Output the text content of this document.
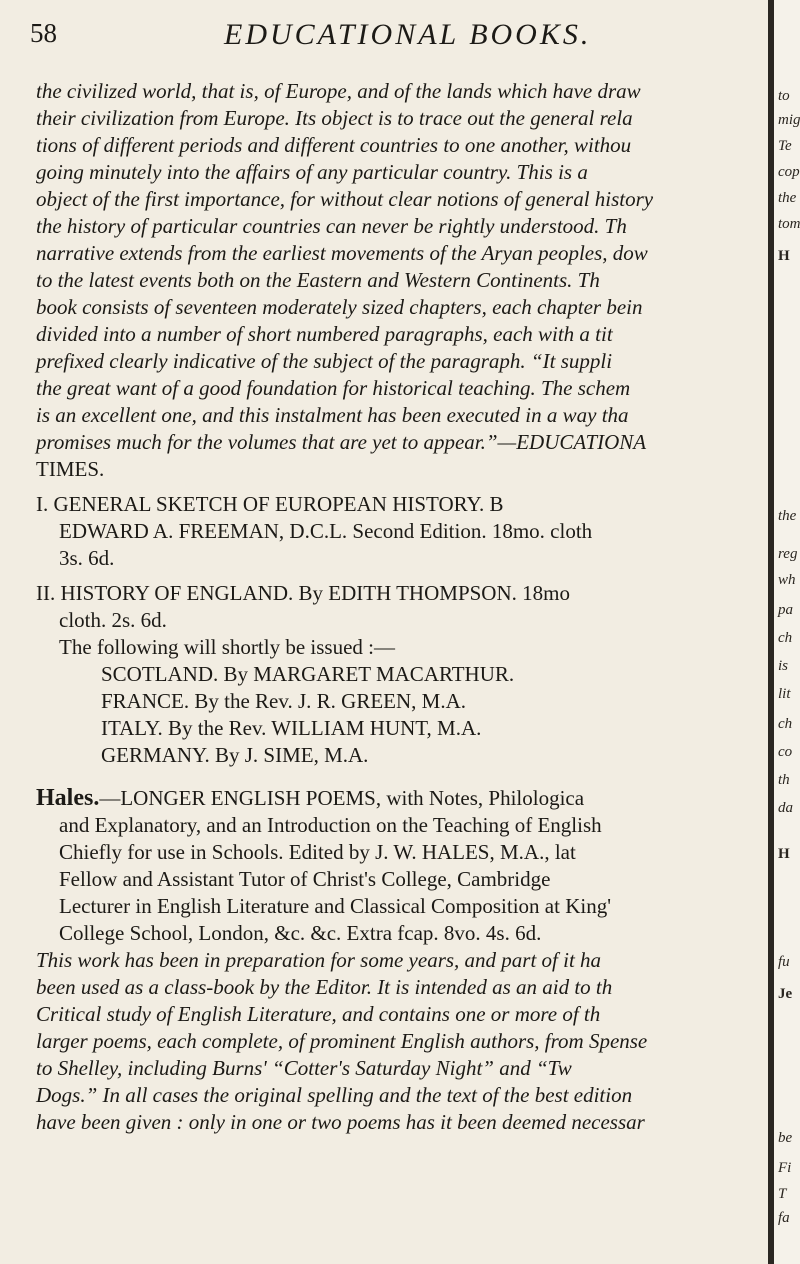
58	EDUCATIONAL BOOKS.
the civilized world, that is, of Europe, and of the lands which have draw
their civilization from Europe. Its object is to trace out the general rela
tions of different periods and different countries to one another, withou
going minutely into the affairs of any particular country. This is a
object of the first importance, for without clear notions of general history
the history of particular countries can never be rightly understood. Th
narrative extends from the earliest movements of the Aryan peoples, dow
to the latest events both on the Eastern and Western Continents. Th
book consists of seventeen moderately sized chapters, each chapter bein
divided into a number of short numbered paragraphs, each with a tit
prefixed clearly indicative of the subject of the paragraph. “It suppli
the great want of a good foundation for historical teaching. The schem
is an excellent one, and this instalment has been executed in a way tha
promises much for the volumes that are yet to appear.”—EDUCATIONA
TIMES.
I. GENERAL SKETCH OF EUROPEAN HISTORY. B
EDWARD A. FREEMAN, D.C.L. Second Edition. 18mo. cloth
3s. 6d.
II. HISTORY OF ENGLAND. By EDITH THOMPSON. 18mo
cloth. 2s. 6d.
The following will shortly be issued :—
SCOTLAND. By MARGARET MACARTHUR.
FRANCE. By the Rev. J. R. GREEN, M.A.
ITALY. By the Rev. WILLIAM HUNT, M.A.
GERMANY. By J. SIME, M.A.
Hales.—LONGER ENGLISH POEMS, with Notes, Philologica
and Explanatory, and an Introduction on the Teaching of English
Chiefly for use in Schools. Edited by J. W. HALES, M.A., lat
Fellow and Assistant Tutor of Christ's College, Cambridge
Lecturer in English Literature and Classical Composition at King'
College School, London, &c. &c. Extra fcap. 8vo. 4s. 6d.
This work has been in preparation for some years, and part of it ha
been used as a class-book by the Editor. It is intended as an aid to th
Critical study of English Literature, and contains one or more of th
larger poems, each complete, of prominent English authors, from Spense
to Shelley, including Burns' “Cotter's Saturday Night” and “Tw
Dogs.” In all cases the original spelling and the text of the best edition
have been given : only in one or two poems has it been deemed necessar
to
mig
Te
cop
the
tom
H
the
reg
wh
pa
ch
is
lit
ch
co
th
da
H
fu
Je
be
Fi
T
fa
